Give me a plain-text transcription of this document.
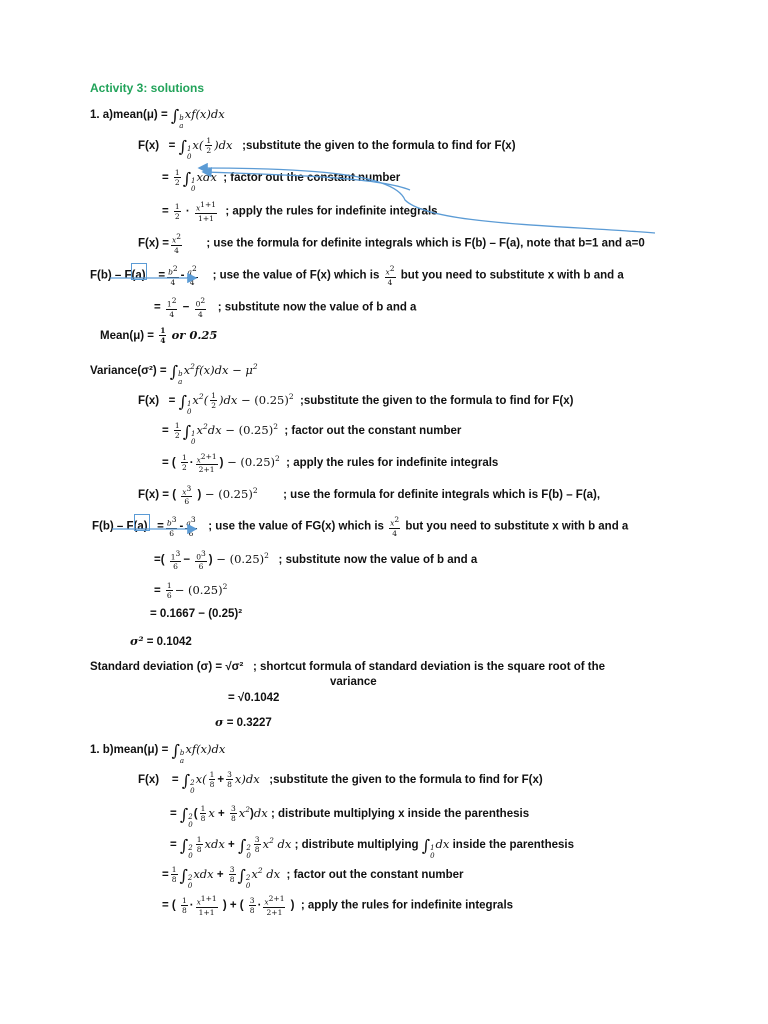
Activity 3: solutions
1. a)mean(μ) = ∫ b
a
xf(x)dx
F(x)   = ∫ 1
0
$x( \frac{1}{2} )dx$ ;substitute the given to the formula to find for F(x)
= $\frac{1}{2}$ ∫ 1
0
xdx ; factor out the constant number
= $\frac{1}{2} \cdot \frac{x^{1+1}}{1+1}$ ; apply the rules for indefinite integrals
$F(x) = \frac{x^2}{4}$ ; use the formula for definite integrals which is F(b) – F(a), note that b=1 and a=0
F(b) – F(a)    = $\frac{b^2}{4} - \frac{a^2}{4}$ ; use the value of F(x) which is $\frac{x^2}{4}$ but you need to substitute x with b and a
= $\frac{1^2}{4} - \frac{0^2}{4}$ ; substitute now the value of b and a
Mean(μ) = $\frac{1}{4}$ or 0.25
Variance(σ²) = ∫ b
a
$x^2f(x)dx - \mu^2$
F(x)   = ∫ 1
0
$x^2( \frac{1}{2} )dx - (0.25)^2$ ;substitute the given to the formula to find for F(x)
= $\frac{1}{2}$ ∫ 1
0
$x^2dx - (0.25)^2$ ; factor out the constant number
= ( $\frac{1}{2} \cdot \frac{x^{2+1}}{2+1}$ ) − $(0.25)^2$ ; apply the rules for indefinite integrals
F(x) = ( $\frac{x^3}{6}$ ) − $(0.25)^2$ ; use the formula for definite integrals which is F(b) – F(a),
$F(b) - F(a) = \frac{b^3}{6} - \frac{a^3}{6}$ ; use the value of FG(x) which is $\frac{x^2}{4}$ but you need to substitute x with b and a
=( $\frac{1^3}{6} - \frac{0^3}{6}$ ) − $(0.25)^2$ ; substitute now the value of b and a
= $\frac{1}{6} - (0.25)^2$
= 0.1667 − (0.25)²
σ² = 0.1042
Standard deviation (σ) = √σ² ; shortcut formula of standard deviation is the square root of the
variance
= √0.1042
σ = 0.3227
1. b)mean(μ) = ∫ b
a
xf(x)dx
F(x)    = ∫ 2
0
$x( \frac{1}{8} + \frac{3}{8} x)dx$ ;substitute the given to the formula to find for F(x)
= ∫ 2
0
( $\frac{1}{8}$ $x + \frac{3}{8} x^2)dx$ ; distribute multiplying x inside the parenthesis
= ∫ 2
0
$\frac{1}{8}$ xdx + ∫ 2
0
$\frac{3}{8} x^2$ dx ; distribute multiplying ∫ 1
0
dx inside the parenthesis
= $\frac{1}{8}$ ∫ 2
0
xdx + $\frac{3}{8}$ ∫ 2
0
$x^2$ dx ; factor out the constant number
= ( $\frac{1}{8} \cdot \frac{x^{1+1}}{1+1}$ ) + ( $\frac{3}{8} \cdot \frac{x^{2+1}}{2+1}$ )  ; apply the rules for indefinite integrals
